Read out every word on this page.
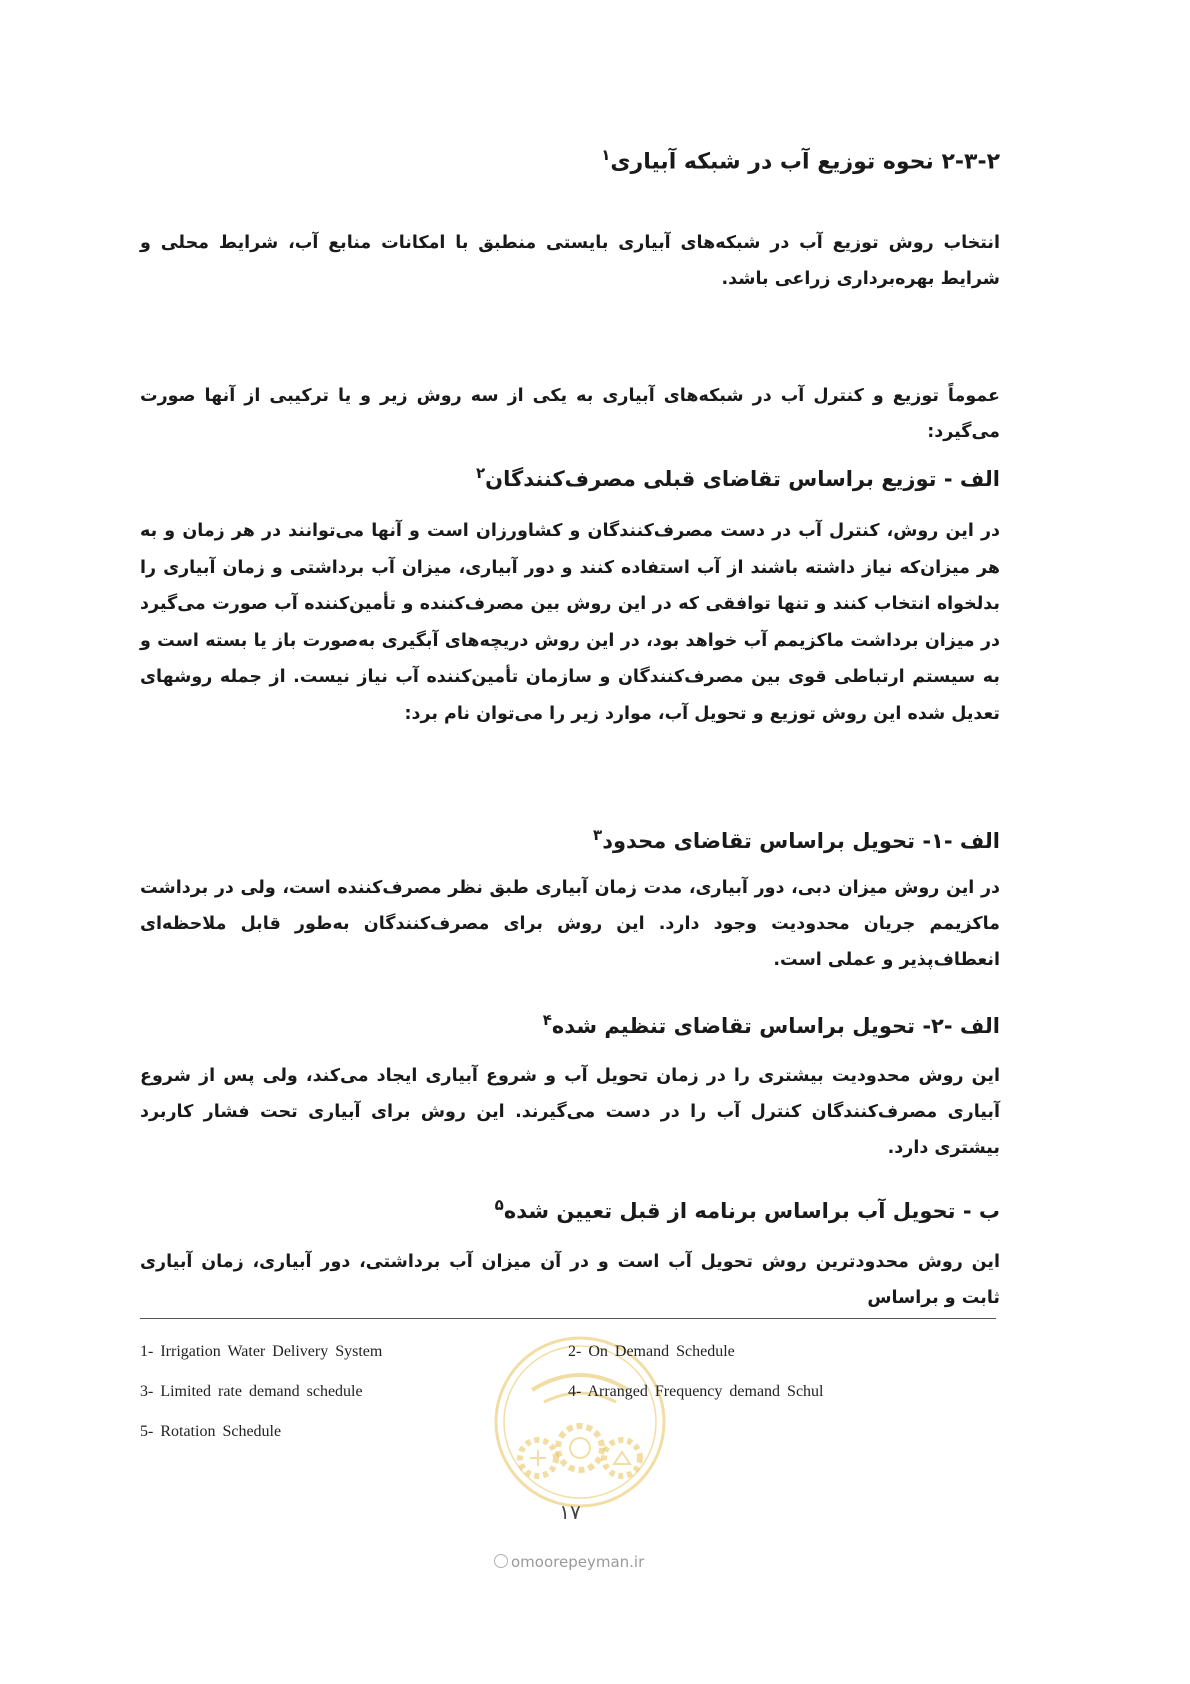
۲-۳-۲ نحوه توزیع آب در شبکه آبیاری$^۱$
انتخاب روش توزیع آب در شبکه‌های آبیاری بایستی منطبق با امکانات منابع آب، شرایط محلی و شرایط بهره‌برداری زراعی باشد.
عموماً توزیع و کنترل آب در شبکه‌های آبیاری به یکی از سه روش زیر و یا ترکیبی از آنها صورت می‌گیرد:
الف - توزیع براساس تقاضای قبلی مصرف‌کنندگان$^۲$
در این روش، کنترل آب در دست مصرف‌کنندگان و کشاورزان است و آنها می‌توانند در هر زمان و به هر میزان‌که نیاز داشته باشند از آب استفاده کنند و دور آبیاری، میزان آب برداشتی و زمان آبیاری را بدلخواه انتخاب کنند و تنها توافقی که در این روش بین مصرف‌کننده و تأمین‌کننده آب صورت می‌گیرد در میزان برداشت ماکزیمم آب خواهد بود، در این روش دریچه‌های آبگیری به‌صورت باز یا بسته است و به سیستم ارتباطی قوی بین مصرف‌کنندگان و سازمان تأمین‌کننده آب نیاز نیست. از جمله روشهای تعدیل شده این روش توزیع و تحویل آب، موارد زیر را می‌توان نام برد:
الف -۱- تحویل براساس تقاضای محدود$^۳$
در این روش میزان دبی، دور آبیاری، مدت زمان آبیاری طبق نظر مصرف‌کننده است، ولی در برداشت ماکزیمم جریان محدودیت وجود دارد. این روش برای مصرف‌کنندگان به‌طور قابل ملاحظه‌ای انعطاف‌پذیر و عملی است.
الف -۲- تحویل براساس تقاضای تنظیم شده$^۴$
این روش محدودیت بیشتری را در زمان تحویل آب و شروع آبیاری ایجاد می‌کند، ولی پس از شروع آبیاری مصرف‌کنندگان کنترل آب را در دست می‌گیرند. این روش برای آبیاری تحت فشار کاربرد بیشتری دارد.
ب - تحویل آب براساس برنامه از قبل تعیین شده$^۵$
این روش محدودترین روش تحویل آب است و در آن میزان آب برداشتی، دور آبیاری، زمان آبیاری ثابت و براساس
1- Irrigation Water Delivery System	2- On Demand Schedule
3- Limited rate demand schedule	4- Arranged Frequency demand Schul
5- Rotation Schedule
۱۷
omoorepeyman.ir
